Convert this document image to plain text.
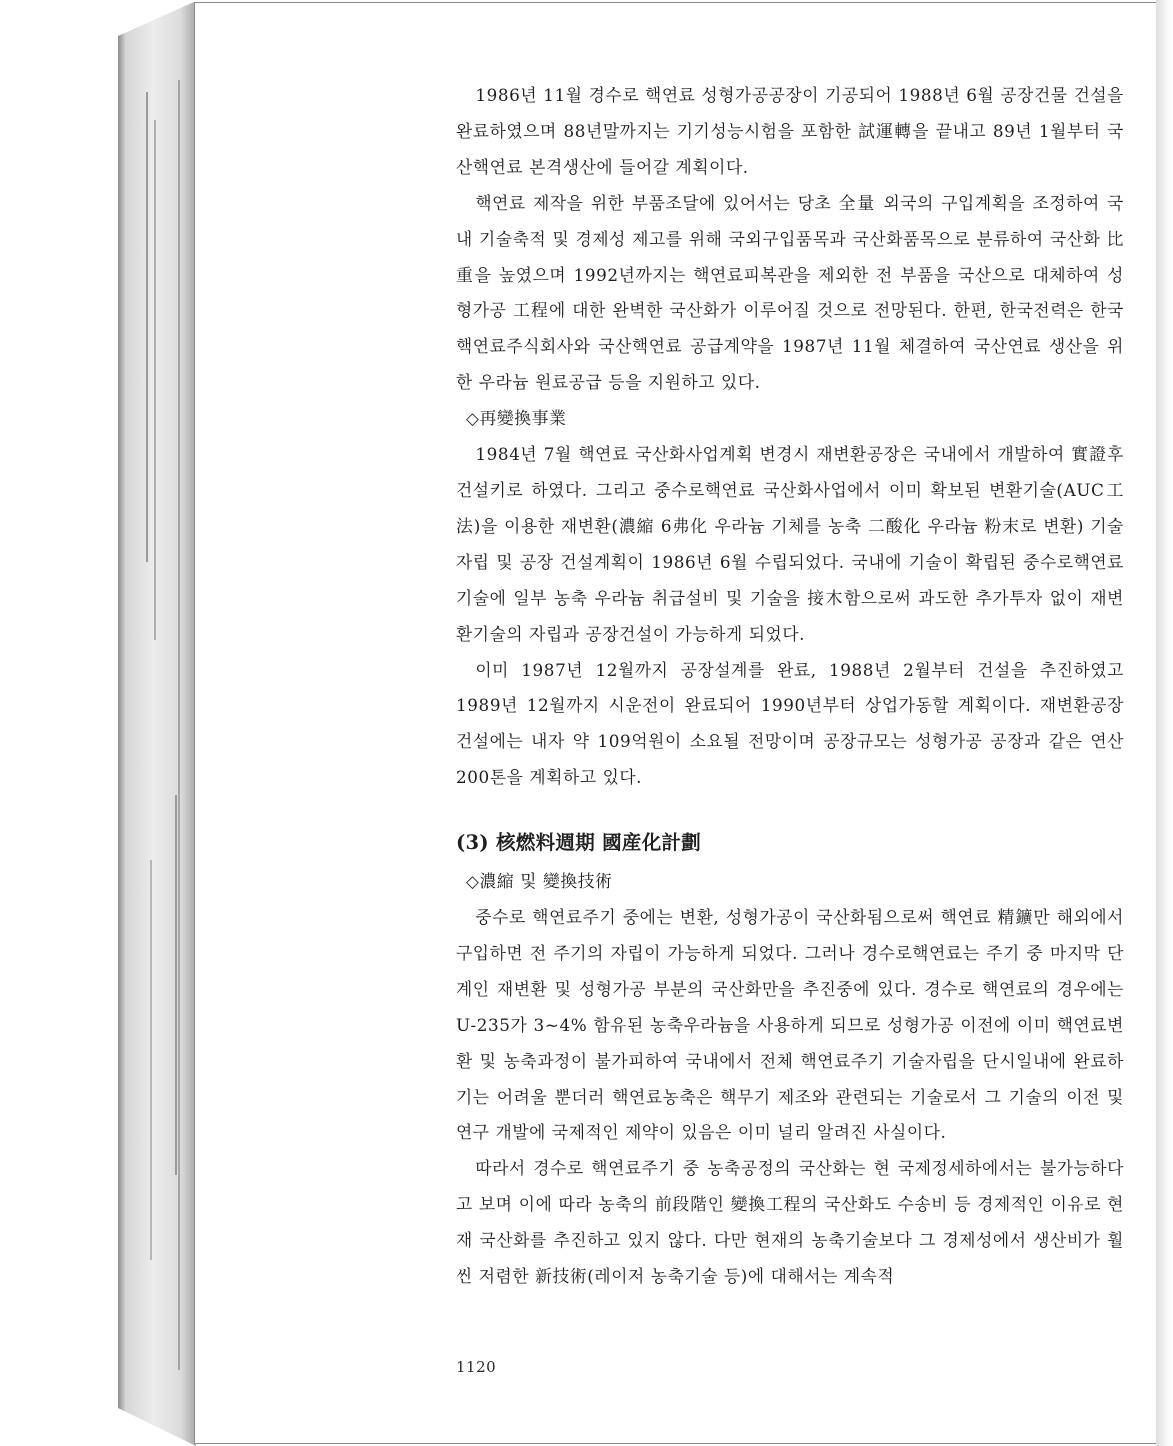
1986년 11월 경수로 핵연료 성형가공공장이 기공되어 1988년 6월 공장건물 건설을 완료하였으며 88년말까지는 기기성능시험을 포함한 試運轉을 끝내고 89년 1월부터 국산핵연료 본격생산에 들어갈 계획이다.

핵연료 제작을 위한 부품조달에 있어서는 당초 全量 외국의 구입계획을 조정하여 국내 기술축적 및 경제성 제고를 위해 국외구입품목과 국산화품목으로 분류하여 국산화 比重을 높였으며 1992년까지는 핵연료피복관을 제외한 전 부품을 국산으로 대체하여 성형가공 工程에 대한 완벽한 국산화가 이루어질 것으로 전망된다. 한편, 한국전력은 한국핵연료주식회사와 국산핵연료 공급계약을 1987년 11월 체결하여 국산연료 생산을 위한 우라늄 원료공급 등을 지원하고 있다.

◇再變換事業

1984년 7월 핵연료 국산화사업계획 변경시 재변환공장은 국내에서 개발하여 實證후 건설키로 하였다. 그리고 중수로핵연료 국산화사업에서 이미 확보된 변환기술(AUC工法)을 이용한 재변환(濃縮 6弗化 우라늄 기체를 농축 二酸化 우라늄 粉末로 변환) 기술자립 및 공장 건설계획이 1986년 6월 수립되었다. 국내에 기술이 확립된 중수로핵연료 기술에 일부 농축 우라늄 취급설비 및 기술을 接木함으로써 과도한 추가투자 없이 재변환기술의 자립과 공장건설이 가능하게 되었다.

이미 1987년 12월까지 공장설계를 완료, 1988년 2월부터 건설을 추진하였고 1989년 12월까지 시운전이 완료되어 1990년부터 상업가동할 계획이다. 재변환공장 건설에는 내자 약 109억원이 소요될 전망이며 공장규모는 성형가공 공장과 같은 연산 200톤을 계획하고 있다.

(3) 核燃料週期 國産化計劃

◇濃縮 및 變換技術

중수로 핵연료주기 중에는 변환, 성형가공이 국산화됨으로써 핵연료 精鑛만 해외에서 구입하면 전 주기의 자립이 가능하게 되었다. 그러나 경수로핵연료는 주기 중 마지막 단계인 재변환 및 성형가공 부분의 국산화만을 추진중에 있다. 경수로 핵연료의 경우에는 U-235가 3~4% 함유된 농축우라늄을 사용하게 되므로 성형가공 이전에 이미 핵연료변환 및 농축과정이 불가피하여 국내에서 전체 핵연료주기 기술자립을 단시일내에 완료하기는 어려울 뿐더러 핵연료농축은 핵무기 제조와 관련되는 기술로서 그 기술의 이전 및 연구 개발에 국제적인 제약이 있음은 이미 널리 알려진 사실이다.

따라서 경수로 핵연료주기 중 농축공정의 국산화는 현 국제정세하에서는 불가능하다고 보며 이에 따라 농축의 前段階인 變換工程의 국산화도 수송비 등 경제적인 이유로 현재 국산화를 추진하고 있지 않다. 다만 현재의 농축기술보다 그 경제성에서 생산비가 훨씬 저렴한 新技術(레이저 농축기술 등)에 대해서는 계속적

1120
